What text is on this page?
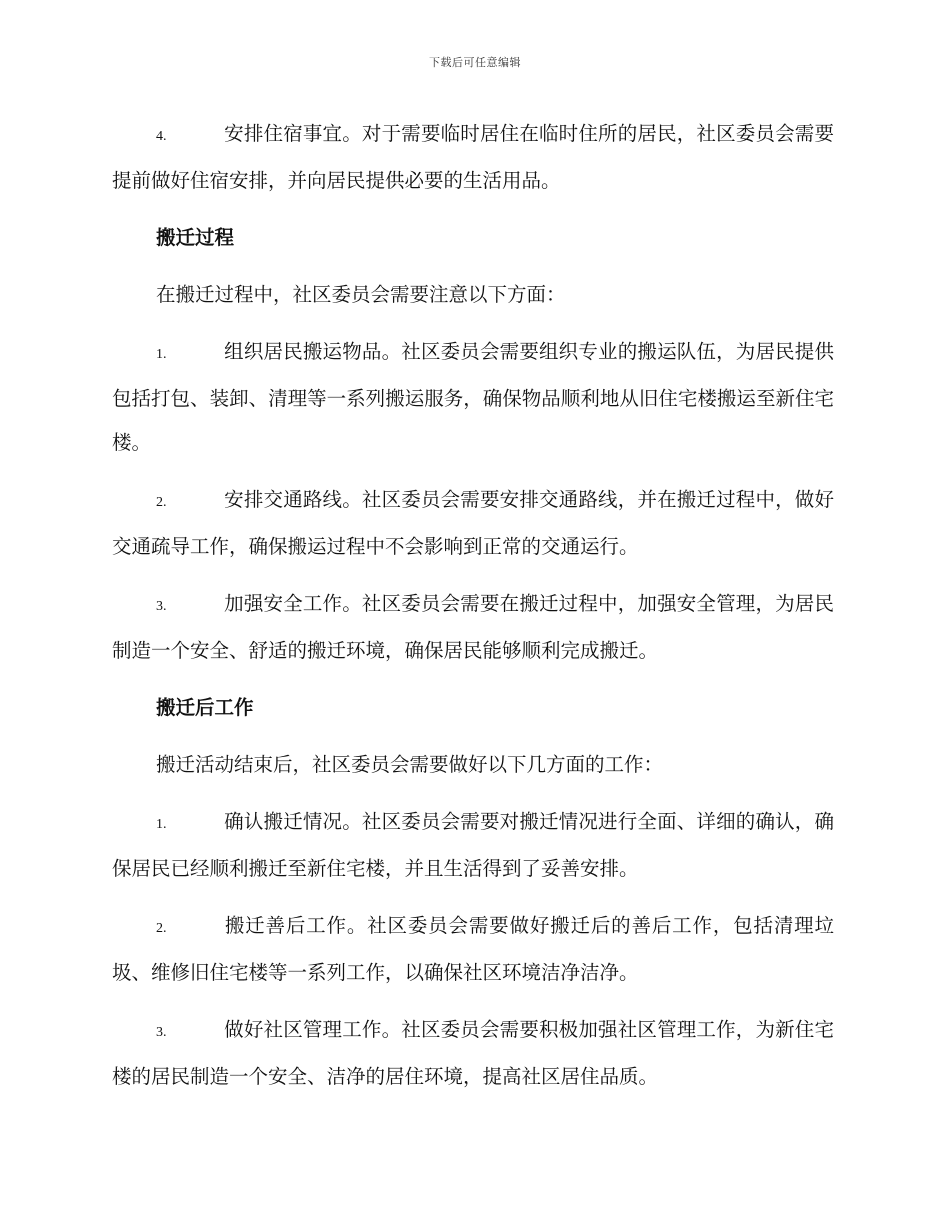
下载后可任意编辑
4.	安排住宿事宜。对于需要临时居住在临时住所的居民，社区委员会需要提前做好住宿安排，并向居民提供必要的生活用品。
搬迁过程
在搬迁过程中，社区委员会需要注意以下方面：
1.	组织居民搬运物品。社区委员会需要组织专业的搬运队伍，为居民提供包括打包、装卸、清理等一系列搬运服务，确保物品顺利地从旧住宅楼搬运至新住宅楼。
2.	安排交通路线。社区委员会需要安排交通路线，并在搬迁过程中，做好交通疏导工作，确保搬运过程中不会影响到正常的交通运行。
3.	加强安全工作。社区委员会需要在搬迁过程中，加强安全管理，为居民制造一个安全、舒适的搬迁环境，确保居民能够顺利完成搬迁。
搬迁后工作
搬迁活动结束后，社区委员会需要做好以下几方面的工作：
1.	确认搬迁情况。社区委员会需要对搬迁情况进行全面、详细的确认，确保居民已经顺利搬迁至新住宅楼，并且生活得到了妥善安排。
2.	搬迁善后工作。社区委员会需要做好搬迁后的善后工作，包括清理垃圾、维修旧住宅楼等一系列工作，以确保社区环境洁净洁净。
3.	做好社区管理工作。社区委员会需要积极加强社区管理工作，为新住宅楼的居民制造一个安全、洁净的居住环境，提高社区居住品质。
